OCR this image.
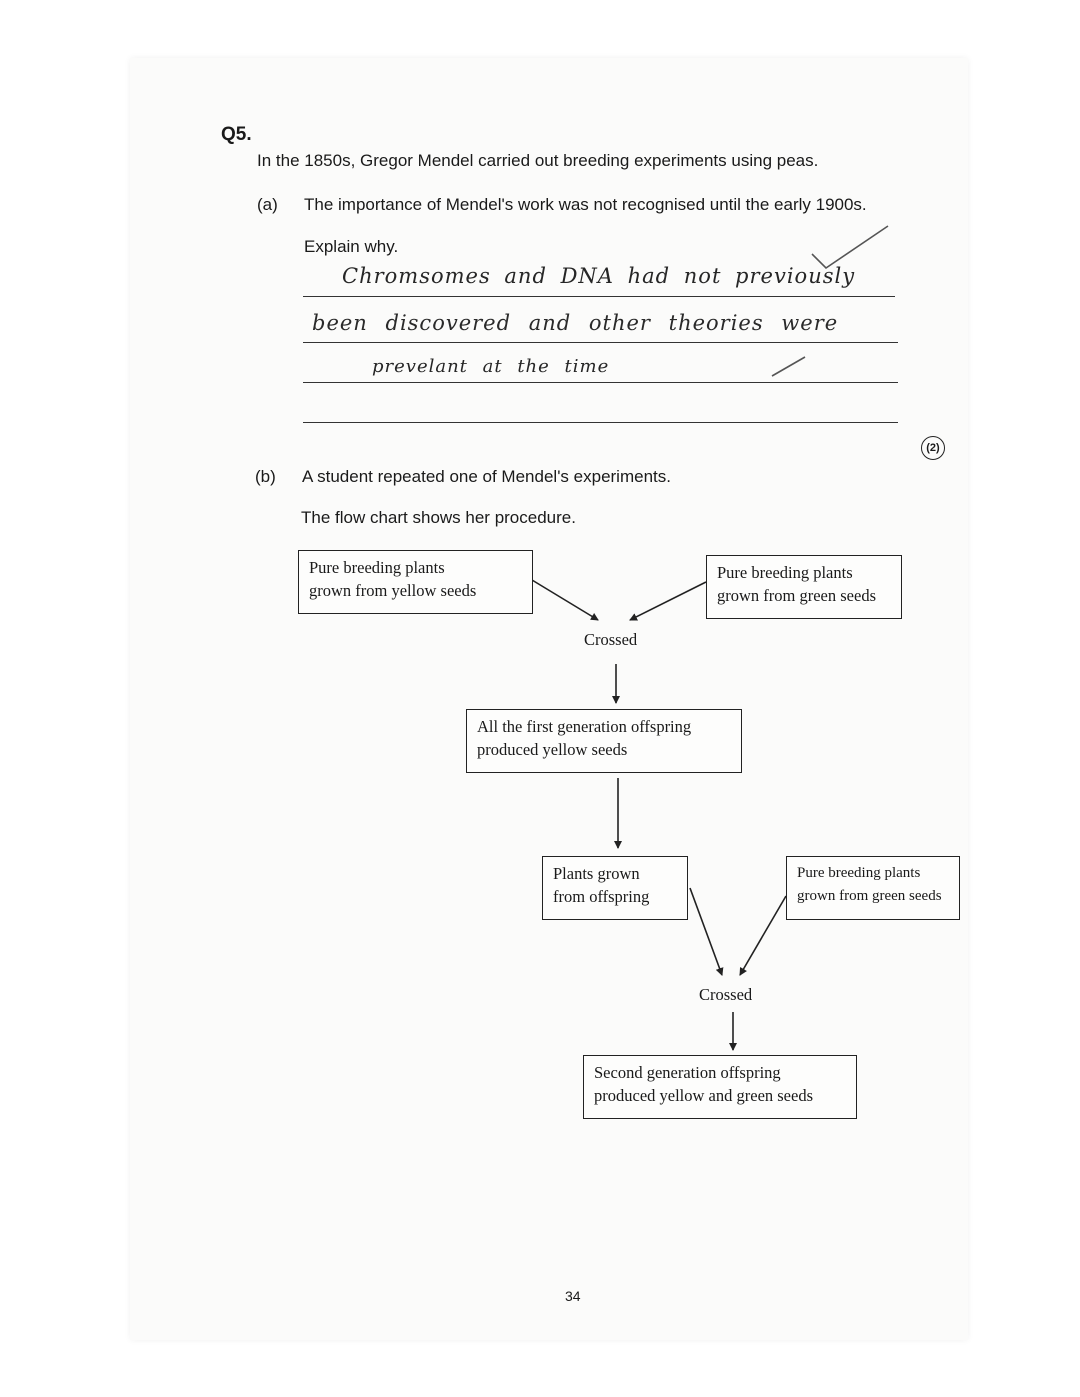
Q5.
In the 1850s, Gregor Mendel carried out breeding experiments using peas.
(a) The importance of Mendel's work was not recognised until the early 1900s.
Explain why.
Chromsomes and DNA had not previously
been discovered and other theories were
prevelant at the time
(2)
(b) A student repeated one of Mendel's experiments.
The flow chart shows her procedure.
Pure breeding plants
grown from yellow seeds
Pure breeding plants
grown from green seeds
Crossed
All the first generation offspring
produced yellow seeds
Plants grown
from offspring
Pure breeding plants
grown from green seeds
Crossed
Second generation offspring
produced yellow and green seeds
34
